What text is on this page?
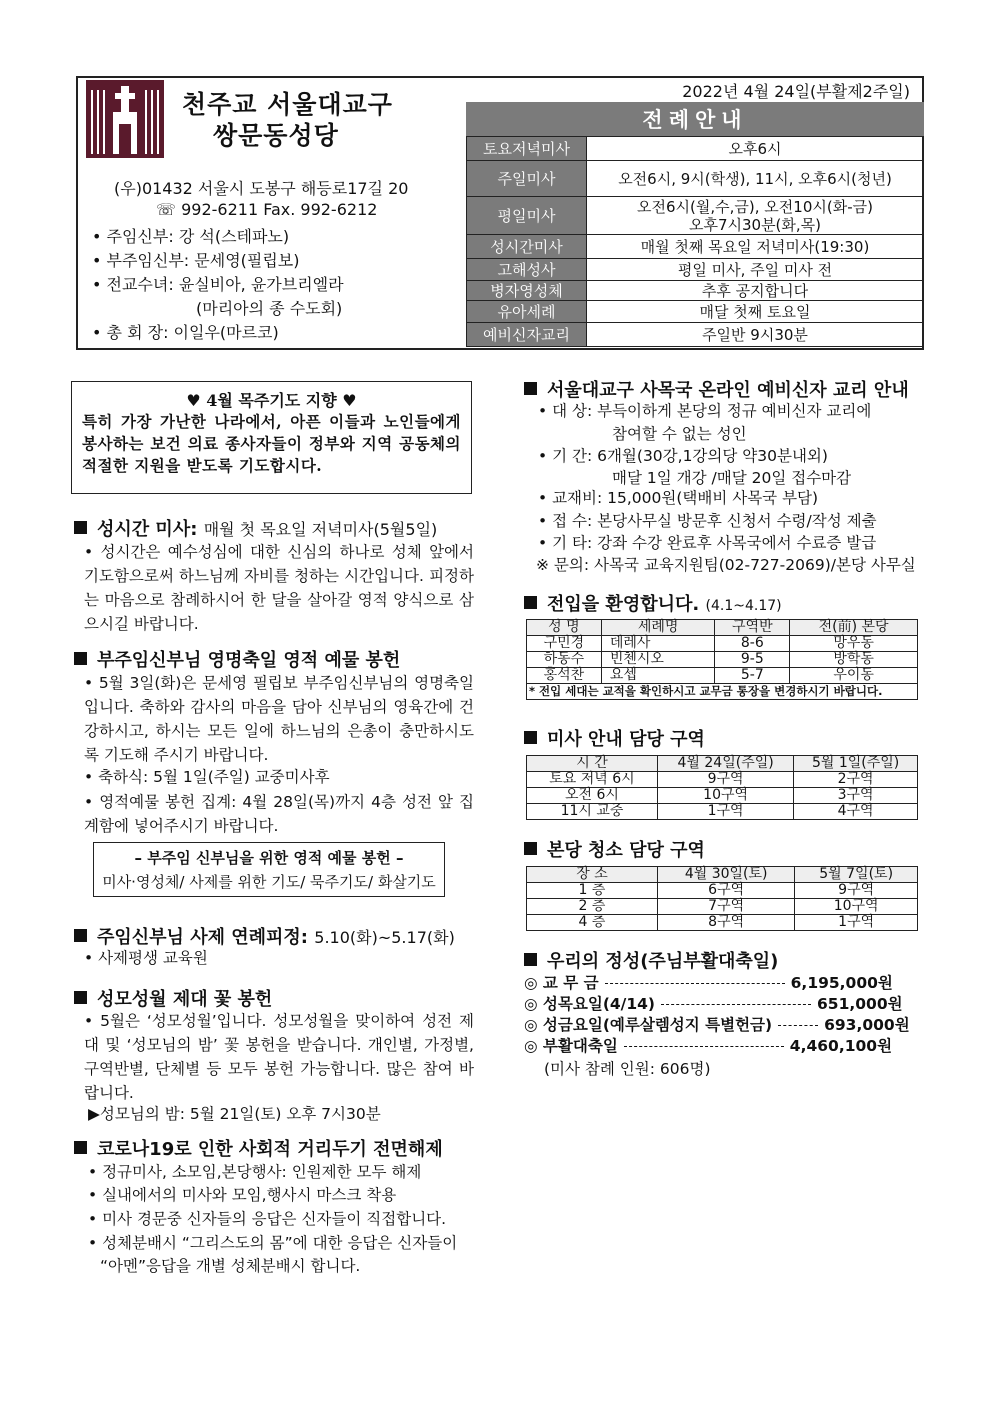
천주교 서울대교구
쌍문동성당
(우)01432 서울시 도봉구 해등로17길 20
☏ 992-6211 Fax. 992-6212
• 주임신부: 강 석(스테파노)
• 부주임신부: 문세영(필립보)
• 전교수녀: 윤실비아, 윤가브리엘라
(마리아의 종 수도회)
• 총 회 장: 이일우(마르코)
2022년 4월 24일(부활제2주일)
전례안내
토요저녁미사	오후6시
주일미사	오전6시, 9시(학생), 11시, 오후6시(청년)
평일미사	오전6시(월,수,금), 오전10시(화-금)
오후7시30분(화,목)

성시간미사	매월 첫째 목요일 저녁미사(19:30)
고해성사	평일 미사, 주일 미사 전
병자영성체	추후 공지합니다
유아세례	매달 첫째 토요일
예비신자교리	주일반 9시30분
♥ 4월 목주기도 지향 ♥
특히 가장 가난한 나라에서, 아픈 이들과 노인들에게 봉사하는 보건 의료 종사자들이 정부와 지역 공동체의 적절한 지원을 받도록 기도합시다.
성시간 미사: 매월 첫 목요일 저녁미사(5월5일)
• 성시간은 예수성심에 대한 신심의 하나로 성체 앞에서 기도함으로써 하느님께 자비를 청하는 시간입니다. 피정하는 마음으로 참례하시어 한 달을 살아갈 영적 양식으로 삼으시길 바랍니다.
부주임신부님 영명축일 영적 예물 봉헌
• 5월 3일(화)은 문세영 필립보 부주임신부님의 영명축일입니다. 축하와 감사의 마음을 담아 신부님의 영육간에 건강하시고, 하시는 모든 일에 하느님의 은총이 충만하시도록 기도해 주시기 바랍니다.
• 축하식: 5월 1일(주일) 교중미사후
• 영적예물 봉헌 집계: 4월 28일(목)까지 4층 성전 앞 집계함에 넣어주시기 바랍니다.
– 부주임 신부님을 위한 영적 예물 봉헌 –
미사·영성체/ 사제를 위한 기도/ 묵주기도/ 화살기도
주임신부님 사제 연례피정: 5.10(화)~5.17(화)
• 사제평생 교육원
성모성월 제대 꽃 봉헌
• 5월은 ‘성모성월’입니다. 성모성월을 맞이하여 성전 제대 및 ‘성모님의 밤’ 꽃 봉헌을 받습니다. 개인별, 가정별, 구역반별, 단체별 등 모두 봉헌 가능합니다. 많은 참여 바랍니다.
▶성모님의 밤: 5월 21일(토) 오후 7시30분
코로나19로 인한 사회적 거리두기 전면해제
• 정규미사, 소모임,본당행사: 인원제한 모두 해제
• 실내에서의 미사와 모임,행사시 마스크 착용
• 미사 경문중 신자들의 응답은 신자들이 직접합니다.
• 성체분배시 “그리스도의 몸”에 대한 응답은 신자들이
“아멘”응답을 개별 성체분배시 합니다.
서울대교구 사목국 온라인 예비신자 교리 안내
• 대 상: 부득이하게 본당의 정규 예비신자 교리에
참여할 수 없는 성인
• 기 간: 6개월(30강,1강의당 약30분내외)
매달 1일 개강 /매달 20일 접수마감
• 교재비: 15,000원(택배비 사목국 부담)
• 접 수: 본당사무실 방문후 신청서 수령/작성 제출
• 기 타: 강좌 수강 완료후 사목국에서 수료증 발급
※ 문의: 사목국 교육지원팀(02-727-2069)/본당 사무실
전입을 환영합니다. (4.1~4.17)
성 명	세례명	구역반	전(前) 본당
구민경	데레사	8-6	망우동
하동수	빈첸시오	9-5	방학동
홍석찬	요셉	5-7	우이동
* 전입 세대는 교적을 확인하시고 교무금 통장을 변경하시기 바랍니다.			
미사 안내 담당 구역
시 간	4월 24일(주일)	5월 1일(주일)
토요 저녁 6시	9구역	2구역
오전 6시	10구역	3구역
11시 교중	1구역	4구역
본당 청소 담당 구역
장 소	4월 30일(토)	5월 7일(토)
1 층	6구역	9구역
2 층	7구역	10구역
4 층	8구역	1구역
우리의 정성(주님부활대축일)
◎ 교 무 금	6,195,000원
◎ 성목요일(4/14)	651,000원
◎ 성금요일(예루살렘성지 특별헌금)	693,000원
◎ 부활대축일	4,460,100원
(미사 참례 인원: 606명)
